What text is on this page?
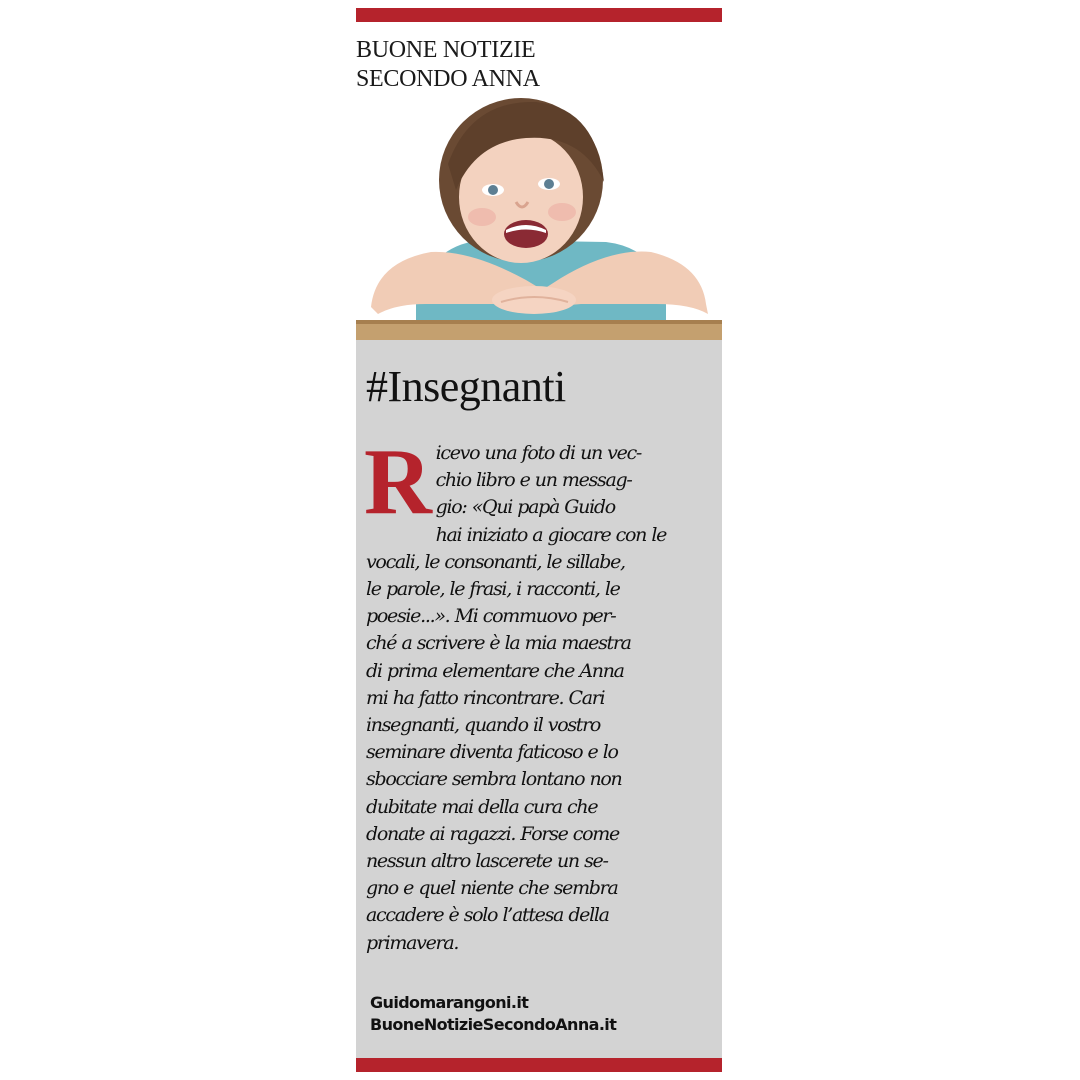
BUONE NOTIZIE
SECONDO ANNA
#Insegnanti
R icevo una foto di un vec-
chio libro e un messag-
gio: «Qui papà Guido
hai iniziato a giocare con le
vocali, le consonanti, le sillabe,
le parole, le frasi, i racconti, le
poesie...». Mi commuovo per-
ché a scrivere è la mia maestra
di prima elementare che Anna
mi ha fatto rincontrare. Cari
insegnanti, quando il vostro
seminare diventa faticoso e lo
sbocciare sembra lontano non
dubitate mai della cura che
donate ai ragazzi. Forse come
nessun altro lascerete un se-
gno e quel niente che sembra
accadere è solo l’attesa della
primavera.
Guidomarangoni.it
BuoneNotizieSecondoAnna.it
